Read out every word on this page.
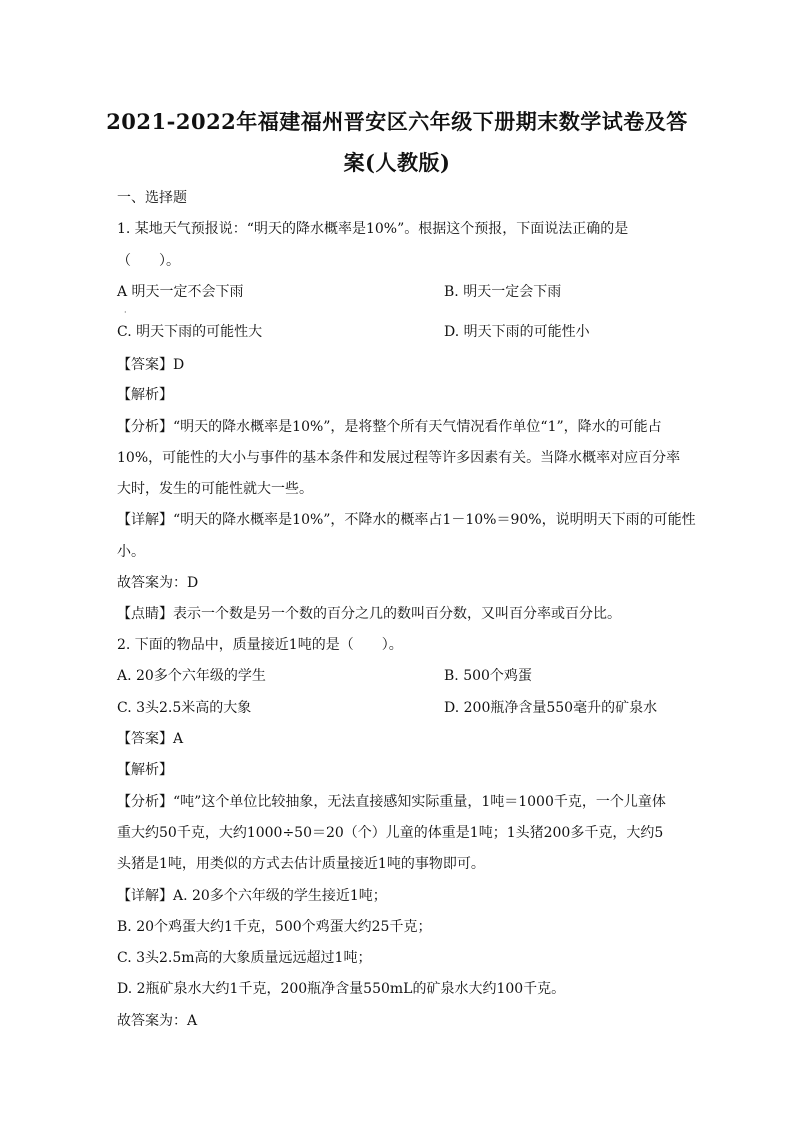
2021-2022年福建福州晋安区六年级下册期末数学试卷及答
案(人教版)
一、选择题
1. 某地天气预报说：“明天的降水概率是10%”。根据这个预报，下面说法正确的是
（　　）。
A 明天一定不会下雨
·
B. 明天一定会下雨
C. 明天下雨的可能性大	D. 明天下雨的可能性小
【答案】D
【解析】
【分析】“明天的降水概率是10%”，是将整个所有天气情况看作单位“1”，降水的可能占
10%，可能性的大小与事件的基本条件和发展过程等许多因素有关。当降水概率对应百分率
大时，发生的可能性就大一些。
【详解】“明天的降水概率是10%”，不降水的概率占1－10%＝90%，说明明天下雨的可能性
小。
故答案为：D
【点睛】表示一个数是另一个数的百分之几的数叫百分数，又叫百分率或百分比。
2. 下面的物品中，质量接近1吨的是（　　）。
A. 20多个六年级的学生	B. 500个鸡蛋
C. 3头2.5米高的大象	D. 200瓶净含量550毫升的矿泉水
【答案】A
【解析】
【分析】“吨”这个单位比较抽象，无法直接感知实际重量，1吨＝1000千克，一个儿童体
重大约50千克，大约1000÷50＝20（个）儿童的体重是1吨；1头猪200多千克，大约5
头猪是1吨，用类似的方式去估计质量接近1吨的事物即可。
【详解】A. 20多个六年级的学生接近1吨；
B. 20个鸡蛋大约1千克，500个鸡蛋大约25千克；
C. 3头2.5m高的大象质量远远超过1吨；
D. 2瓶矿泉水大约1千克，200瓶净含量550mL的矿泉水大约100千克。
故答案为：A
